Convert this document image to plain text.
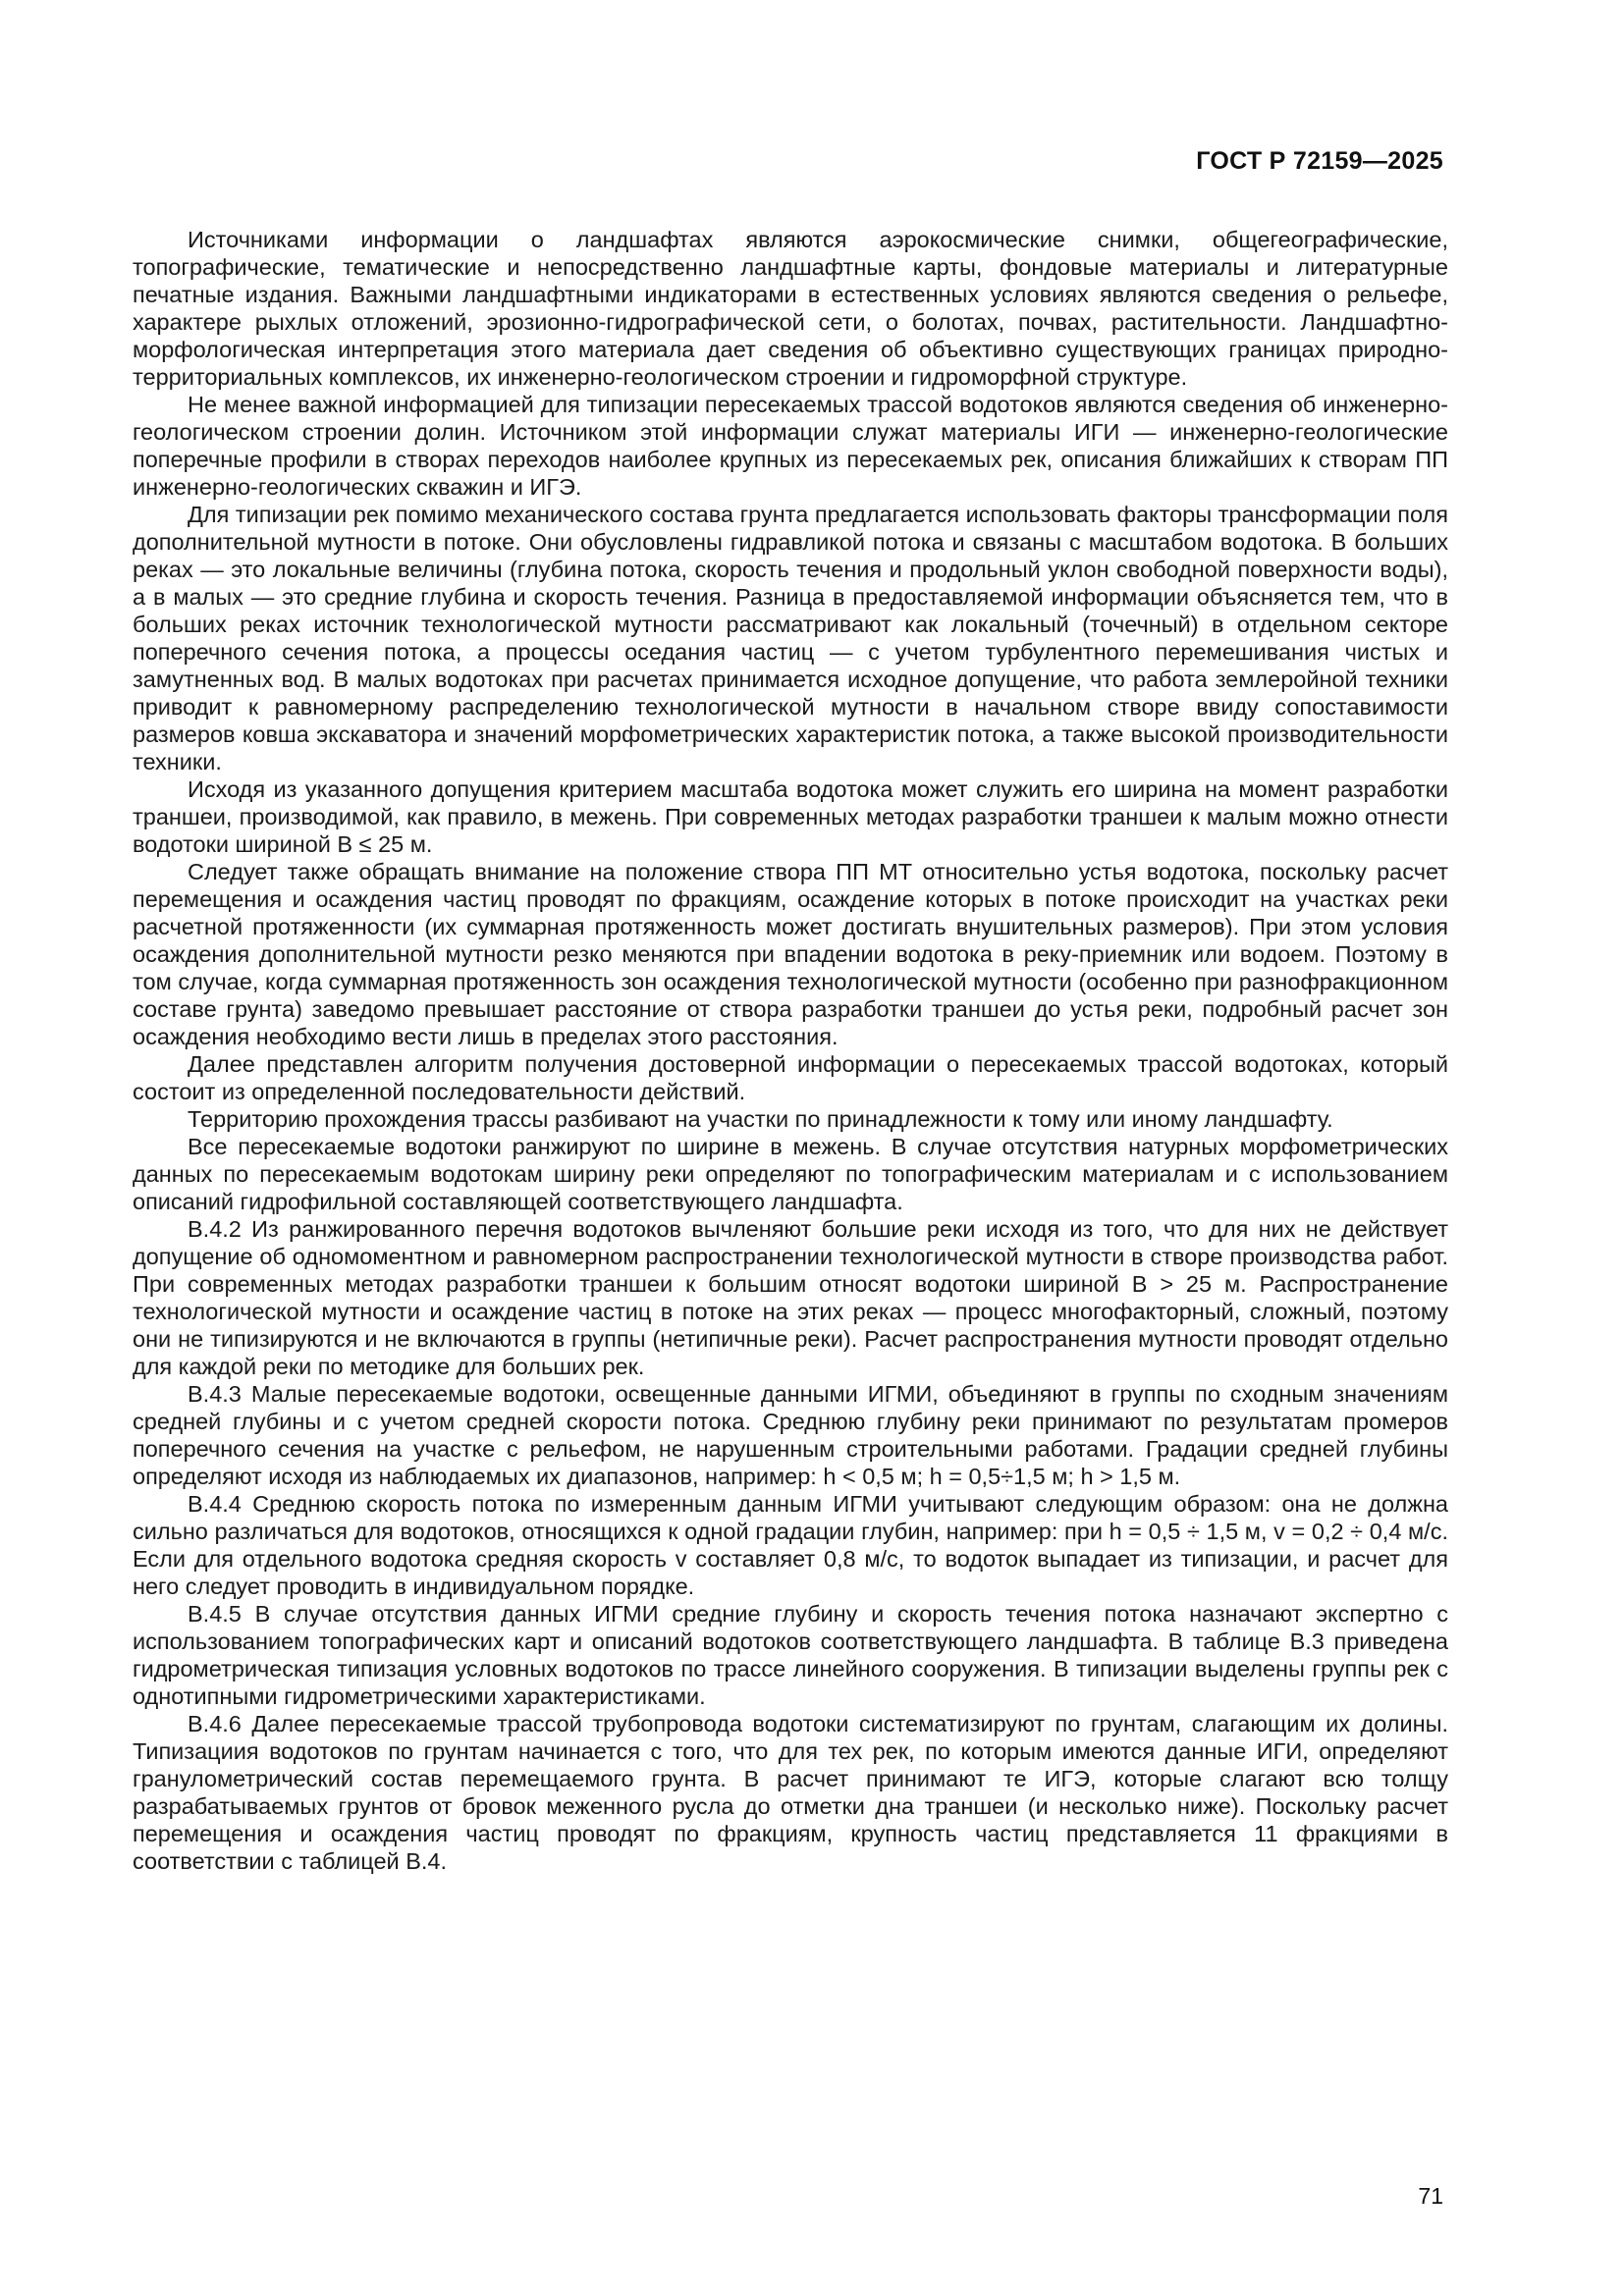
ГОСТ Р 72159—2025

Источниками информации о ландшафтах являются аэрокосмические снимки, общегеографические, топографические, тематические и непосредственно ландшафтные карты, фондовые материалы и литературные печатные издания. Важными ландшафтными индикаторами в естественных условиях являются сведения о рельефе, характере рыхлых отложений, эрозионно-гидрографической сети, о болотах, почвах, растительности. Ландшафтно-морфологическая интерпретация этого материала дает сведения об объективно существующих границах природно-территориальных комплексов, их инженерно-геологическом строении и гидроморфной структуре.

Не менее важной информацией для типизации пересекаемых трассой водотоков являются сведения об инженерно-геологическом строении долин. Источником этой информации служат материалы ИГИ — инженерно-геологические поперечные профили в створах переходов наиболее крупных из пересекаемых рек, описания ближайших к створам ПП инженерно-геологических скважин и ИГЭ.

Для типизации рек помимо механического состава грунта предлагается использовать факторы трансформации поля дополнительной мутности в потоке. Они обусловлены гидравликой потока и связаны с масштабом водотока. В больших реках — это локальные величины (глубина потока, скорость течения и продольный уклон свободной поверхности воды), а в малых — это средние глубина и скорость течения. Разница в предоставляемой информации объясняется тем, что в больших реках источник технологической мутности рассматривают как локальный (точечный) в отдельном секторе поперечного сечения потока, а процессы оседания частиц — с учетом турбулентного перемешивания чистых и замутненных вод. В малых водотоках при расчетах принимается исходное допущение, что работа землеройной техники приводит к равномерному распределению технологической мутности в начальном створе ввиду сопоставимости размеров ковша экскаватора и значений морфометрических характеристик потока, а также высокой производительности техники.

Исходя из указанного допущения критерием масштаба водотока может служить его ширина на момент разработки траншеи, производимой, как правило, в межень. При современных методах разработки траншеи к малым можно отнести водотоки шириной В ≤ 25 м.

Следует также обращать внимание на положение створа ПП МТ относительно устья водотока, поскольку расчет перемещения и осаждения частиц проводят по фракциям, осаждение которых в потоке происходит на участках реки расчетной протяженности (их суммарная протяженность может достигать внушительных размеров). При этом условия осаждения дополнительной мутности резко меняются при впадении водотока в реку-приемник или водоем. Поэтому в том случае, когда суммарная протяженность зон осаждения технологической мутности (особенно при разнофракционном составе грунта) заведомо превышает расстояние от створа разработки траншеи до устья реки, подробный расчет зон осаждения необходимо вести лишь в пределах этого расстояния.

Далее представлен алгоритм получения достоверной информации о пересекаемых трассой водотоках, который состоит из определенной последовательности действий.

Территорию прохождения трассы разбивают на участки по принадлежности к тому или иному ландшафту.

Все пересекаемые водотоки ранжируют по ширине в межень. В случае отсутствия натурных морфометрических данных по пересекаемым водотокам ширину реки определяют по топографическим материалам и с использованием описаний гидрофильной составляющей соответствующего ландшафта.

В.4.2 Из ранжированного перечня водотоков вычленяют большие реки исходя из того, что для них не действует допущение об одномоментном и равномерном распространении технологической мутности в створе производства работ. При современных методах разработки траншеи к большим относят водотоки шириной В > 25 м. Распространение технологической мутности и осаждение частиц в потоке на этих реках — процесс многофакторный, сложный, поэтому они не типизируются и не включаются в группы (нетипичные реки). Расчет распространения мутности проводят отдельно для каждой реки по методике для больших рек.

В.4.3 Малые пересекаемые водотоки, освещенные данными ИГМИ, объединяют в группы по сходным значениям средней глубины и с учетом средней скорости потока. Среднюю глубину реки принимают по результатам промеров поперечного сечения на участке с рельефом, не нарушенным строительными работами. Градации средней глубины определяют исходя из наблюдаемых их диапазонов, например: h < 0,5 м; h = 0,5÷1,5 м; h > 1,5 м.

В.4.4 Среднюю скорость потока по измеренным данным ИГМИ учитывают следующим образом: она не должна сильно различаться для водотоков, относящихся к одной градации глубин, например: при h = 0,5 ÷ 1,5 м, v = 0,2 ÷ 0,4 м/с. Если для отдельного водотока средняя скорость v составляет 0,8 м/с, то водоток выпадает из типизации, и расчет для него следует проводить в индивидуальном порядке.

В.4.5 В случае отсутствия данных ИГМИ средние глубину и скорость течения потока назначают экспертно с использованием топографических карт и описаний водотоков соответствующего ландшафта. В таблице В.3 приведена гидрометрическая типизация условных водотоков по трассе линейного сооружения. В типизации выделены группы рек с однотипными гидрометрическими характеристиками.

В.4.6 Далее пересекаемые трассой трубопровода водотоки систематизируют по грунтам, слагающим их долины. Типизациия водотоков по грунтам начинается с того, что для тех рек, по которым имеются данные ИГИ, определяют гранулометрический состав перемещаемого грунта. В расчет принимают те ИГЭ, которые слагают всю толщу разрабатываемых грунтов от бровок меженного русла до отметки дна траншеи (и несколько ниже). Поскольку расчет перемещения и осаждения частиц проводят по фракциям, крупность частиц представляется 11 фракциями в соответствии с таблицей В.4.

71
